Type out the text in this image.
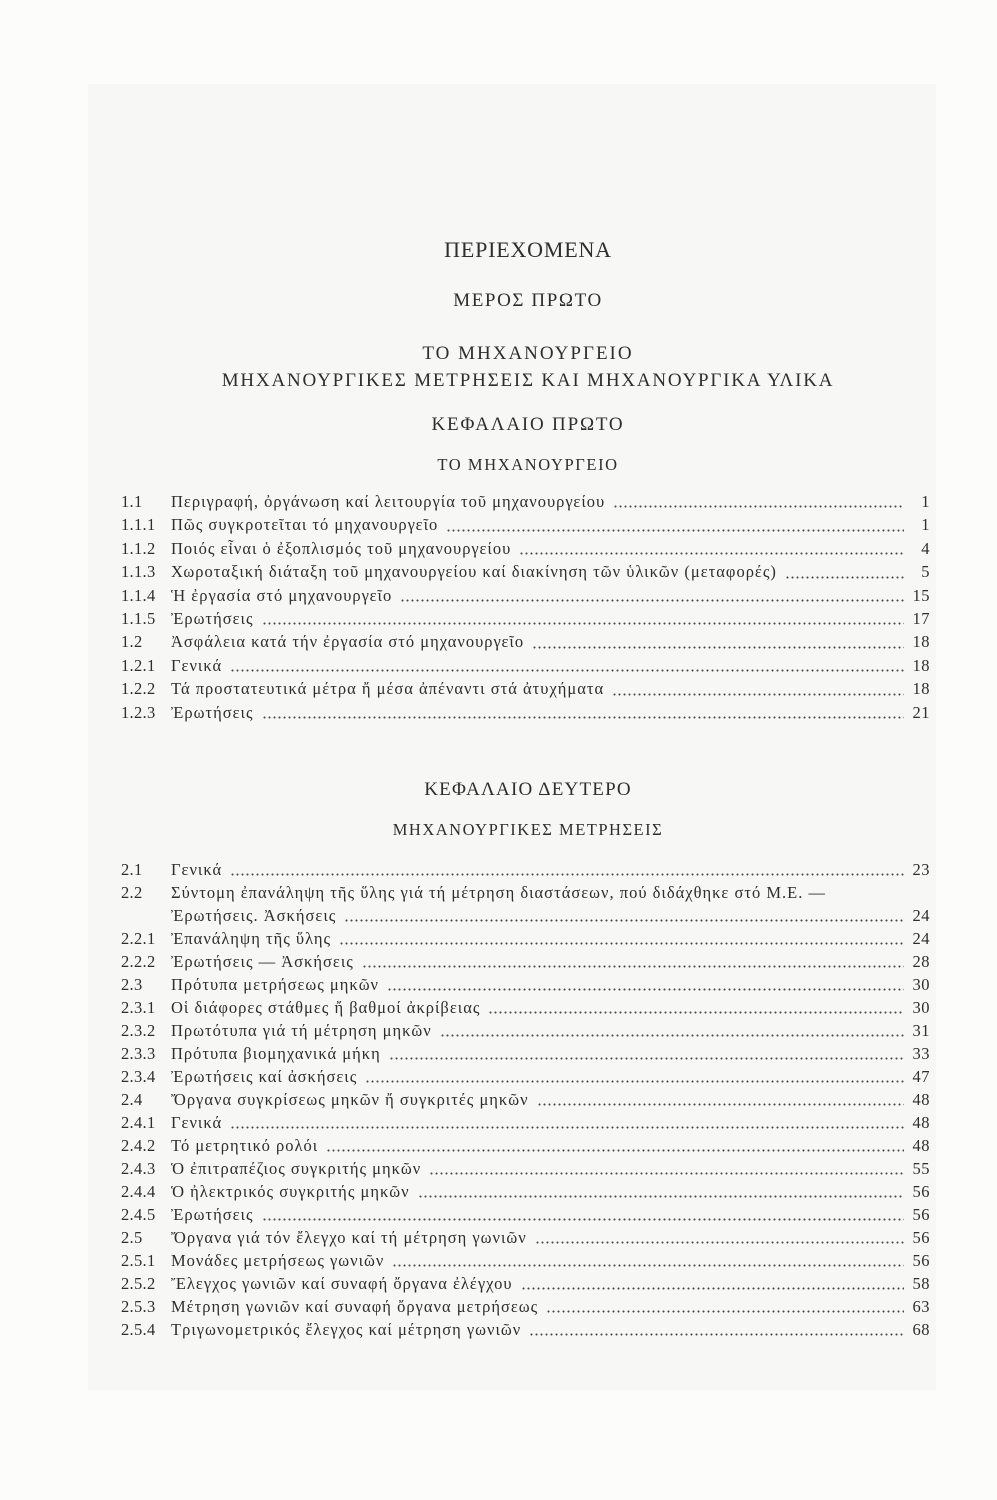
ΠΕΡΙΕΧΟΜΕΝΑ
ΜΕΡΟΣ ΠΡΩΤΟ
ΤΟ ΜΗΧΑΝΟΥΡΓΕΙΟ
ΜΗΧΑΝΟΥΡΓΙΚΕΣ ΜΕΤΡΗΣΕΙΣ ΚΑΙ ΜΗΧΑΝΟΥΡΓΙΚΑ ΥΛΙΚΑ
ΚΕΦΑΛΑΙΟ ΠΡΩΤΟ
ΤΟ ΜΗΧΑΝΟΥΡΓΕΙΟ
1.1	Περιγραφή, ὀργάνωση καί λειτουργία τοῦ μηχανουργείου	1
1.1.1 Πῶς συγκροτεῖται τό μηχανουργεῖο	1
1.1.2 Ποιός εἶναι ὁ ἐξοπλισμός τοῦ μηχανουργείου	4
1.1.3 Χωροταξική διάταξη τοῦ μηχανουργείου καί διακίνηση τῶν ὑλικῶν (μεταφορές)	5
1.1.4 Ἡ ἐργασία στό μηχανουργεῖο	15
1.1.5 Ἐρωτήσεις	17
1.2	Ἀσφάλεια κατά τήν ἐργασία στό μηχανουργεῖο	18
1.2.1 Γενικά	18
1.2.2 Τά προστατευτικά μέτρα ἤ μέσα ἀπέναντι στά ἀτυχήματα	18
1.2.3 Ἐρωτήσεις	21
ΚΕΦΑΛΑΙΟ ΔΕΥΤΕΡΟ
ΜΗΧΑΝΟΥΡΓΙΚΕΣ ΜΕΤΡΗΣΕΙΣ
2.1	Γενικά	23
2.2	Σύντομη ἐπανάληψη τῆς ὕλης γιά τή μέτρηση διαστάσεων, πού διδάχθηκε στό Μ.Ε. —
Ἐρωτήσεις. Ἀσκήσεις	24
2.2.1 Ἐπανάληψη τῆς ὕλης	24
2.2.2 Ἐρωτήσεις — Ἀσκήσεις	28
2.3	Πρότυπα μετρήσεως μηκῶν	30
2.3.1 Οἱ διάφορες στάθμες ἤ βαθμοί ἀκρίβειας	30
2.3.2 Πρωτότυπα γιά τή μέτρηση μηκῶν	31
2.3.3 Πρότυπα βιομηχανικά μήκη	33
2.3.4 Ἐρωτήσεις καί ἀσκήσεις	47
2.4	Ὄργανα συγκρίσεως μηκῶν ἤ συγκριτές μηκῶν	48
2.4.1 Γενικά	48
2.4.2 Τό μετρητικό ρολόι	48
2.4.3 Ὁ ἐπιτραπέζιος συγκριτής μηκῶν	55
2.4.4 Ὁ ἠλεκτρικός συγκριτής μηκῶν	56
2.4.5 Ἐρωτήσεις	56
2.5	Ὄργανα γιά τόν ἔλεγχο καί τή μέτρηση γωνιῶν	56
2.5.1 Μονάδες μετρήσεως γωνιῶν	56
2.5.2 Ἔλεγχος γωνιῶν καί συναφή ὄργανα ἐλέγχου	58
2.5.3 Μέτρηση γωνιῶν καί συναφή ὄργανα μετρήσεως	63
2.5.4 Τριγωνομετρικός ἔλεγχος καί μέτρηση γωνιῶν	68
